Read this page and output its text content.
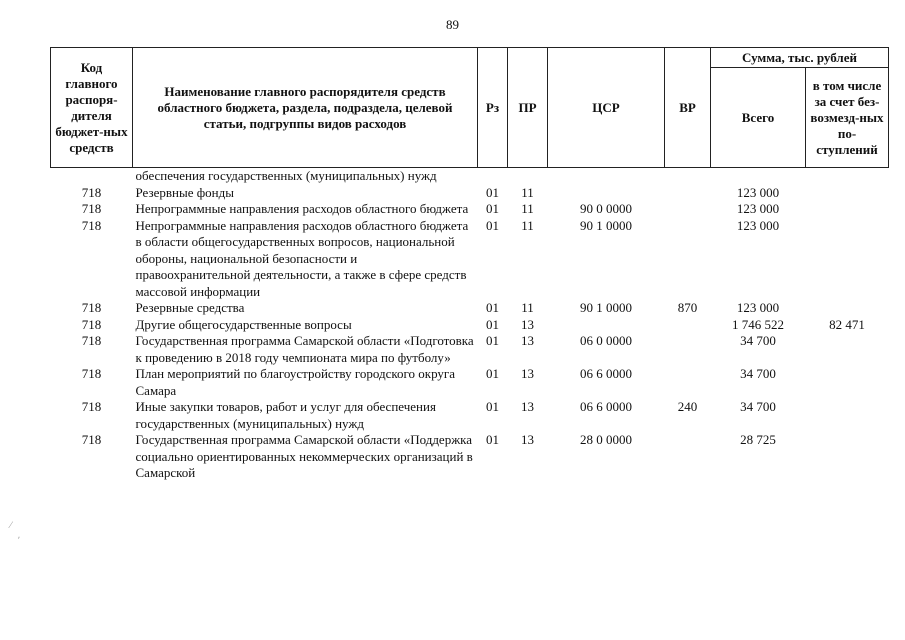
89
Код главного распоря-дителя бюджет-ных средств	Наименование главного распорядителя средств областного бюджета, раздела, подраздела, целевой статьи, подгруппы видов расходов	Рз	ПР	ЦСР	ВР	Сумма, тыс. рублей	
						Всего	в том числе за счет без-возмезд-ных по-ступлений
	обеспечения государственных (муниципальных) нужд						
718	Резервные фонды	01	11			123 000	
718	Непрограммные направления расходов областного бюджета	01	11	90 0 0000		123 000	
718	Непрограммные направления расходов областного бюджета в области общегосударственных вопросов, национальной обороны, национальной безопасности и правоохранительной деятельности, а также в сфере средств массовой информации	01	11	90 1 0000		123 000	
718	Резервные средства	01	11	90 1 0000	870	123 000	
718	Другие общегосударственные вопросы	01	13			1 746 522	82 471
718	Государственная программа Самарской области «Подготовка к проведению в 2018 году чемпионата мира по футболу»	01	13	06 0 0000		34 700	
718	План мероприятий по благоустройству городского округа Самара	01	13	06 6 0000		34 700	
718	Иные закупки товаров, работ и услуг для обеспечения государственных (муниципальных) нужд	01	13	06 6 0000	240	34 700	
718	Государственная программа Самарской области «Поддержка социально ориентированных некоммерческих организаций в Самарской	01	13	28 0 0000		28 725	
⁄
ʹ
